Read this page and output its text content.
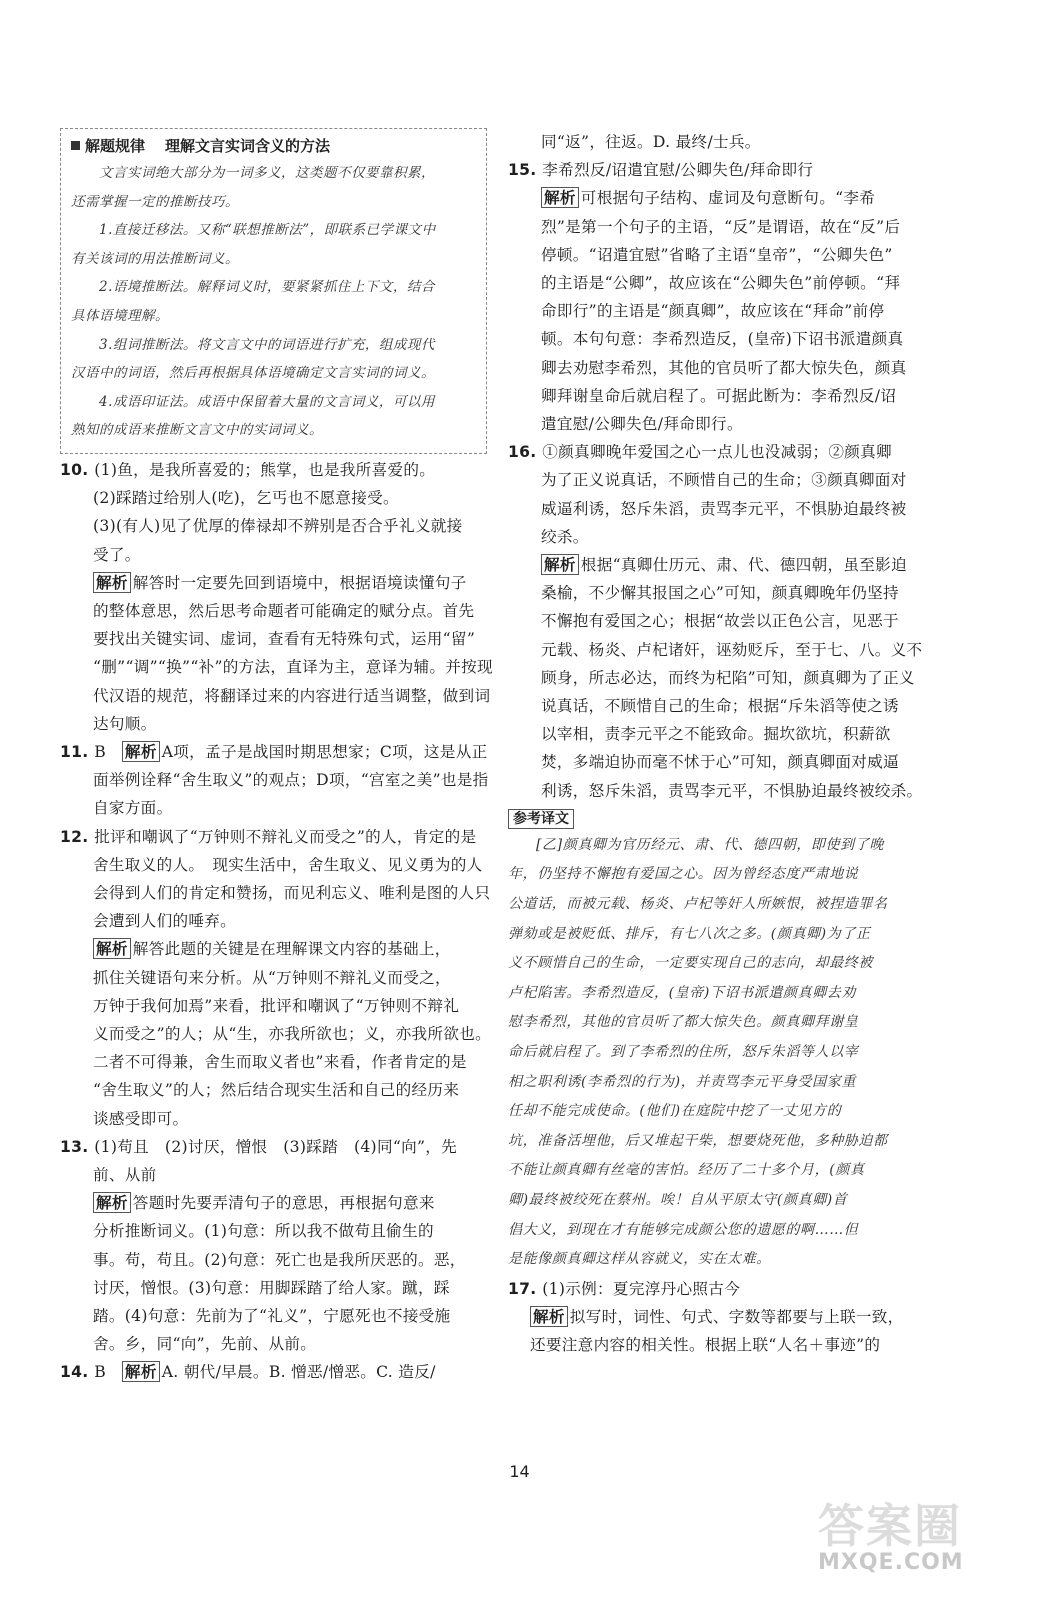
解题规律 理解文言实词含义的方法
文言实词绝大部分为一词多义，这类题不仅要靠积累，
还需掌握一定的推断技巧。
1.直接迁移法。又称“联想推断法”，即联系已学课文中
有关该词的用法推断词义。
2.语境推断法。解释词义时，要紧紧抓住上下文，结合
具体语境理解。
3.组词推断法。将文言文中的词语进行扩充，组成现代
汉语中的词语，然后再根据具体语境确定文言实词的词义。
4.成语印证法。成语中保留着大量的文言词义，可以用
熟知的成语来推断文言文中的实词词义。
10. (1)鱼，是我所喜爱的；熊掌，也是我所喜爱的。
(2)踩踏过给别人(吃)，乞丐也不愿意接受。
(3)(有人)见了优厚的俸禄却不辨别是否合乎礼义就接
受了。
解析 解答时一定要先回到语境中，根据语境读懂句子
的整体意思，然后思考命题者可能确定的赋分点。首先
要找出关键实词、虚词，查看有无特殊句式，运用“留”
“删”“调”“换”“补”的方法，直译为主，意译为辅。并按现
代汉语的规范，将翻译过来的内容进行适当调整，做到词
达句顺。
11. B　解析 A项，孟子是战国时期思想家；C项，这是从正
面举例诠释“舍生取义”的观点；D项，“宫室之美”也是指
自家方面。
12. 批评和嘲讽了“万钟则不辩礼义而受之”的人，肯定的是
舍生取义的人。　现实生活中，舍生取义、见义勇为的人
会得到人们的肯定和赞扬，而见利忘义、唯利是图的人只
会遭到人们的唾弃。
解析 解答此题的关键是在理解课文内容的基础上，
抓住关键语句来分析。从“万钟则不辩礼义而受之，
万钟于我何加焉”来看，批评和嘲讽了“万钟则不辩礼
义而受之”的人；从“生，亦我所欲也；义，亦我所欲也。
二者不可得兼，舍生而取义者也”来看，作者肯定的是
“舍生取义”的人；然后结合现实生活和自己的经历来
谈感受即可。
13. (1)苟且　(2)讨厌，憎恨　(3)踩踏　(4)同“向”，先
前、从前
解析 答题时先要弄清句子的意思，再根据句意来
分析推断词义。(1)句意：所以我不做苟且偷生的
事。苟，苟且。(2)句意：死亡也是我所厌恶的。恶，
讨厌，憎恨。(3)句意：用脚踩踏了给人家。蹴，踩
踏。(4)句意：先前为了“礼义”，宁愿死也不接受施
舍。乡，同“向”，先前、从前。
14. B　解析 A. 朝代/早晨。B. 憎恶/憎恶。C. 造反/
同“返”，往返。D. 最终/士兵。
15. 李希烈反/诏遣宜慰/公卿失色/拜命即行
解析 可根据句子结构、虚词及句意断句。“李希
烈”是第一个句子的主语，“反”是谓语，故在“反”后
停顿。“诏遣宜慰”省略了主语“皇帝”，“公卿失色”
的主语是“公卿”，故应该在“公卿失色”前停顿。“拜
命即行”的主语是“颜真卿”，故应该在“拜命”前停
顿。本句句意：李希烈造反，(皇帝)下诏书派遣颜真
卿去劝慰李希烈，其他的官员听了都大惊失色，颜真
卿拜谢皇命后就启程了。可据此断为：李希烈反/诏
遣宜慰/公卿失色/拜命即行。
16. ①颜真卿晚年爱国之心一点儿也没减弱；②颜真卿
为了正义说真话，不顾惜自己的生命；③颜真卿面对
威逼利诱，怒斥朱滔，责骂李元平，不惧胁迫最终被
绞杀。
解析 根据“真卿仕历元、肃、代、德四朝，虽至影迫
桑榆，不少懈其报国之心”可知，颜真卿晚年仍坚持
不懈抱有爱国之心；根据“故尝以正色公言，见恶于
元载、杨炎、卢杞诸奸，诬劾贬斥，至于七、八。义不
顾身，所志必达，而终为杞陷”可知，颜真卿为了正义
说真话，不顾惜自己的生命；根据“斥朱滔等使之诱
以宰相，责李元平之不能致命。掘坎欲坑，积薪欲
焚，多端迫协而毫不怵于心”可知，颜真卿面对威逼
利诱，怒斥朱滔，责骂李元平，不惧胁迫最终被绞杀。
参考译文
[乙]颜真卿为官历经元、肃、代、德四朝，即使到了晚
年，仍坚持不懈抱有爱国之心。因为曾经态度严肃地说
公道话，而被元载、杨炎、卢杞等奸人所嫉恨，被捏造罪名
弹劾或是被贬低、排斥，有七八次之多。(颜真卿)为了正
义不顾惜自己的生命，一定要实现自己的志向，却最终被
卢杞陷害。李希烈造反，(皇帝)下诏书派遣颜真卿去劝
慰李希烈，其他的官员听了都大惊失色。颜真卿拜谢皇
命后就启程了。到了李希烈的住所，怒斥朱滔等人以宰
相之职利诱(李希烈的行为)，并责骂李元平身受国家重
任却不能完成使命。(他们)在庭院中挖了一丈见方的
坑，准备活埋他，后又堆起干柴，想要烧死他，多种胁迫都
不能让颜真卿有丝毫的害怕。经历了二十多个月，(颜真
卿)最终被绞死在蔡州。唉！自从平原太守(颜真卿)首
倡大义，到现在才有能够完成颜公您的遗愿的啊……但
是能像颜真卿这样从容就义，实在太难。
17. (1)示例：夏完淳丹心照古今
解析 拟写时，词性、句式、字数等都要与上联一致，
还要注意内容的相关性。根据上联“人名＋事迹”的
14
答案圈
MXQE.COM
